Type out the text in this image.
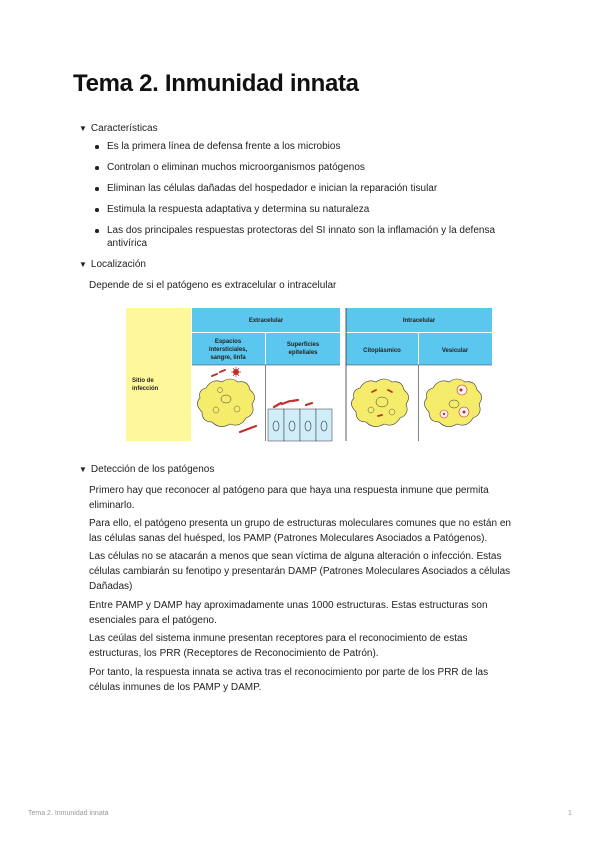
Tema 2. Inmunidad innata
▼ Características
Es la primera línea de defensa frente a los microbios
Controlan o eliminan muchos microorganismos patógenos
Eliminan las células dañadas del hospedador e inician la reparación tisular
Estimula la respuesta adaptativa y determina su naturaleza
Las dos principales respuestas protectoras del SI innato son la inflamación y la defensa antivírica
▼ Localización

Depende de si el patógeno es extracelular o intracelular

Sitio de
infección
Extracelular
Espacios
intersticiales,
sangre, linfa
Superficies
epiteliales
Intracelular
Citoplásmico	Vesicular
▼ Detección de los patógenos

Primero hay que reconocer al patógeno para que haya una respuesta inmune que permita
eliminarlo.

Para ello, el patógeno presenta un grupo de estructuras moleculares comunes que no están en
las células sanas del huésped, los PAMP (Patrones Moleculares Asociados a Patógenos).

Las células no se atacarán a menos que sean víctima de alguna alteración o infección. Estas
células cambiarán su fenotipo y presentarán DAMP (Patrones Moleculares Asociados a células
Dañadas)

Entre PAMP y DAMP hay aproximadamente unas 1000 estructuras. Estas estructuras son
esenciales para el patógeno.

Las ceúlas del sistema inmune presentan receptores para el reconocimiento de estas
estructuras, los PRR (Receptores de Reconocimiento de Patrón).

Por tanto, la respuesta innata se activa tras el reconocimiento por parte de los PRR de las
células inmunes de los PAMP y DAMP.

Tema 2. Inmunidad innata	1
